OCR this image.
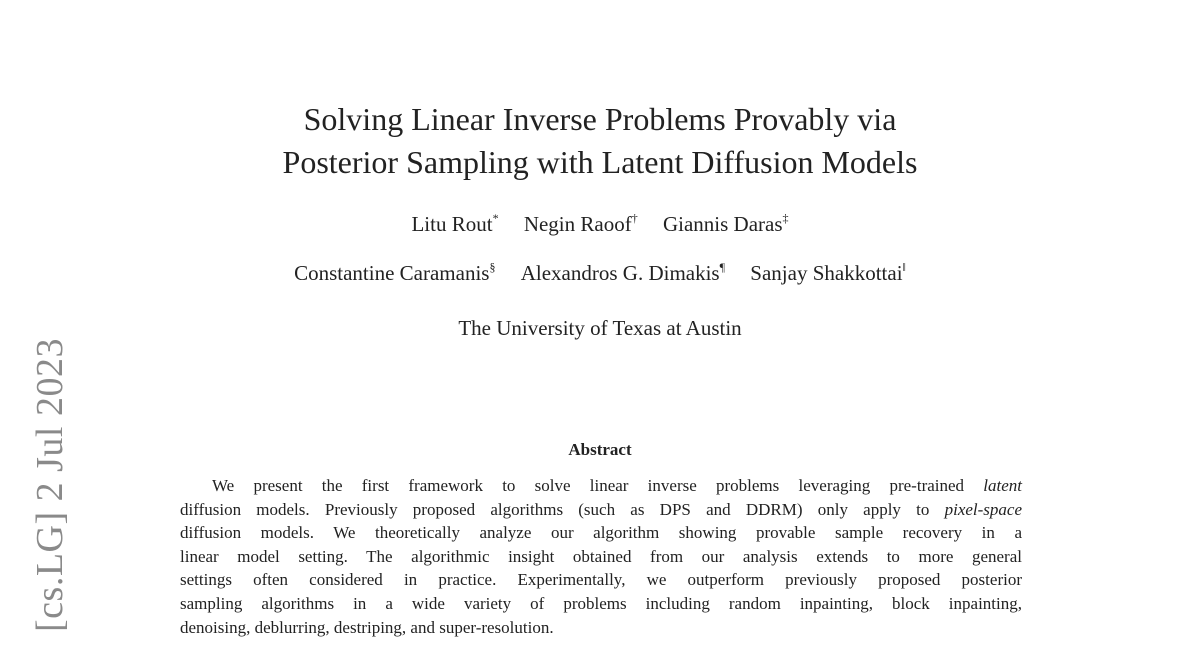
[cs.LG] 2 Jul 2023
Solving Linear Inverse Problems Provably via
Posterior Sampling with Latent Diffusion Models
Litu Rout* Negin Raoof† Giannis Daras‡
Constantine Caramanis§ Alexandros G. Dimakis¶ Sanjay Shakkottai‖
The University of Texas at Austin
Abstract
We present the first framework to solve linear inverse problems leveraging pre-trained latent
diffusion models. Previously proposed algorithms (such as DPS and DDRM) only apply to pixel-space
diffusion models. We theoretically analyze our algorithm showing provable sample recovery in a
linear model setting. The algorithmic insight obtained from our analysis extends to more general
settings often considered in practice. Experimentally, we outperform previously proposed posterior
sampling algorithms in a wide variety of problems including random inpainting, block inpainting,
denoising, deblurring, destriping, and super-resolution.
